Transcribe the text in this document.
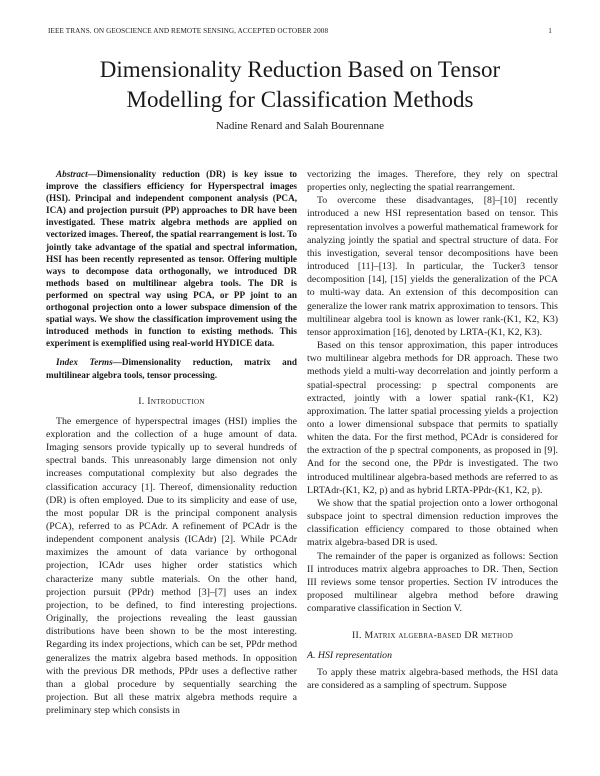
IEEE TRANS. ON GEOSCIENCE AND REMOTE SENSING, ACCEPTED OCTOBER 2008	1
Dimensionality Reduction Based on Tensor
Modelling for Classification Methods
Nadine Renard and Salah Bourennane

Abstract—Dimensionality reduction (DR) is key issue to improve the classifiers efficiency for Hyperspectral images (HSI). Principal and independent component analysis (PCA, ICA) and projection pursuit (PP) approaches to DR have been investigated. These matrix algebra methods are applied on vectorized images. Thereof, the spatial rearrangement is lost. To jointly take advantage of the spatial and spectral information, HSI has been recently represented as tensor. Offering multiple ways to decompose data orthogonally, we introduced DR methods based on multilinear algebra tools. The DR is performed on spectral way using PCA, or PP joint to an orthogonal projection onto a lower subspace dimension of the spatial ways. We show the classification improvement using the introduced methods in function to existing methods. This experiment is exemplified using real-world HYDICE data.

Index Terms—Dimensionality reduction, matrix and multilinear algebra tools, tensor processing.

I. Introduction

The emergence of hyperspectral images (HSI) implies the exploration and the collection of a huge amount of data. Imaging sensors provide typically up to several hundreds of spectral bands. This unreasonably large dimension not only increases computational complexity but also degrades the classification accuracy [1]. Thereof, dimensionality reduction (DR) is often employed. Due to its simplicity and ease of use, the most popular DR is the principal component analysis (PCA), referred to as PCAdr. A refinement of PCAdr is the independent component analysis (ICAdr) [2]. While PCAdr maximizes the amount of data variance by orthogonal projection, ICAdr uses higher order statistics which characterize many subtle materials. On the other hand, projection pursuit (PPdr) method [3]–[7] uses an index projection, to be defined, to find interesting projections. Originally, the projections revealing the least gaussian distributions have been shown to be the most interesting. Regarding its index projections, which can be set, PPdr method generalizes the matrix algebra based methods. In opposition with the previous DR methods, PPdr uses a deflective rather than a global procedure by sequentially searching the projection. But all these matrix algebra methods require a preliminary step which consists in

vectorizing the images. Therefore, they rely on spectral properties only, neglecting the spatial rearrangement.

To overcome these disadvantages, [8]–[10] recently introduced a new HSI representation based on tensor. This representation involves a powerful mathematical framework for analyzing jointly the spatial and spectral structure of data. For this investigation, several tensor decompositions have been introduced [11]–[13]. In particular, the Tucker3 tensor decomposition [14], [15] yields the generalization of the PCA to multi-way data. An extension of this decomposition can generalize the lower rank matrix approximation to tensors. This multilinear algebra tool is known as lower rank-(K1, K2, K3) tensor approximation [16], denoted by LRTA-(K1, K2, K3).

Based on this tensor approximation, this paper introduces two multilinear algebra methods for DR approach. These two methods yield a multi-way decorrelation and jointly perform a spatial-spectral processing: p spectral components are extracted, jointly with a lower spatial rank-(K1, K2) approximation. The latter spatial processing yields a projection onto a lower dimensional subspace that permits to spatially whiten the data. For the first method, PCAdr is considered for the extraction of the p spectral components, as proposed in [9]. And for the second one, the PPdr is investigated. The two introduced multilinear algebra-based methods are referred to as LRTAdr-(K1, K2, p) and as hybrid LRTA-PPdr-(K1, K2, p).

We show that the spatial projection onto a lower orthogonal subspace joint to spectral dimension reduction improves the classification efficiency compared to those obtained when matrix algebra-based DR is used.

The remainder of the paper is organized as follows: Section II introduces matrix algebra approaches to DR. Then, Section III reviews some tensor properties. Section IV introduces the proposed multilinear algebra method before drawing comparative classification in Section V.

II. Matrix algebra-based DR method
A. HSI representation

To apply these matrix algebra-based methods, the HSI data are considered as a sampling of spectrum. Suppose
